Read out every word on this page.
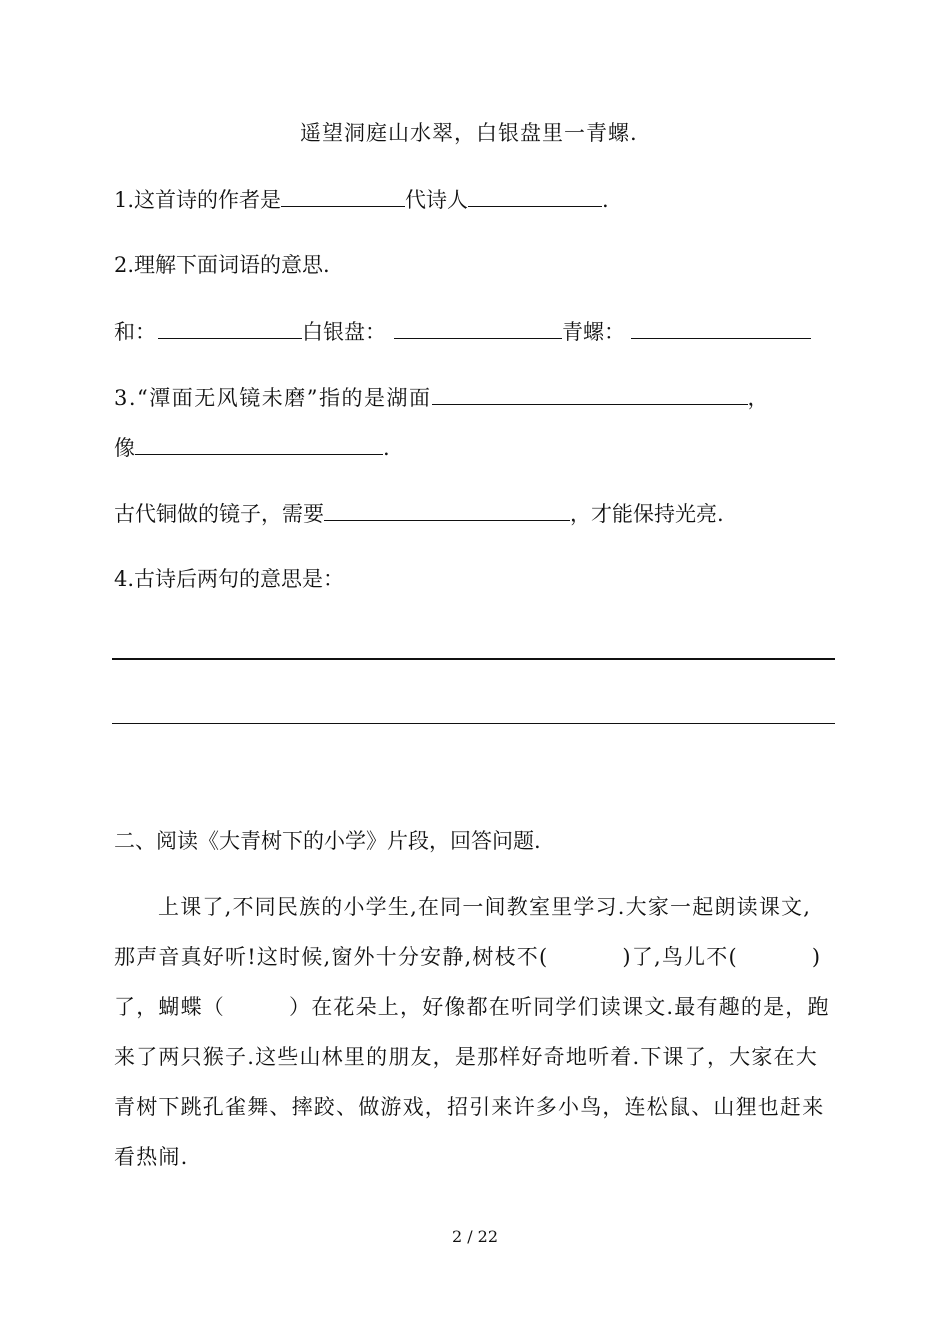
遥望洞庭山水翠，白银盘里一青螺.
1.这首诗的作者是	代诗人	.
2.理解下面词语的意思.
和：	白银盘：	青螺：
3.“潭面无风镜未磨”指的是湖面	，
像	.
古代铜做的镜子，需要	，才能保持光亮.
4.古诗后两句的意思是：
二、阅读《大青树下的小学》片段，回答问题.
上课了,不同民族的小学生,在同一间教室里学习.大家一起朗读课文,
那声音真好听!这时候,窗外十分安静,树枝不(	)了,鸟儿不(	)
了，蝴蝶（	）在花朵上，好像都在听同学们读课文.最有趣的是，跑
来了两只猴子.这些山林里的朋友，是那样好奇地听着.下课了，大家在大
青树下跳孔雀舞、摔跤、做游戏，招引来许多小鸟，连松鼠、山狸也赶来
看热闹.
2 / 22
